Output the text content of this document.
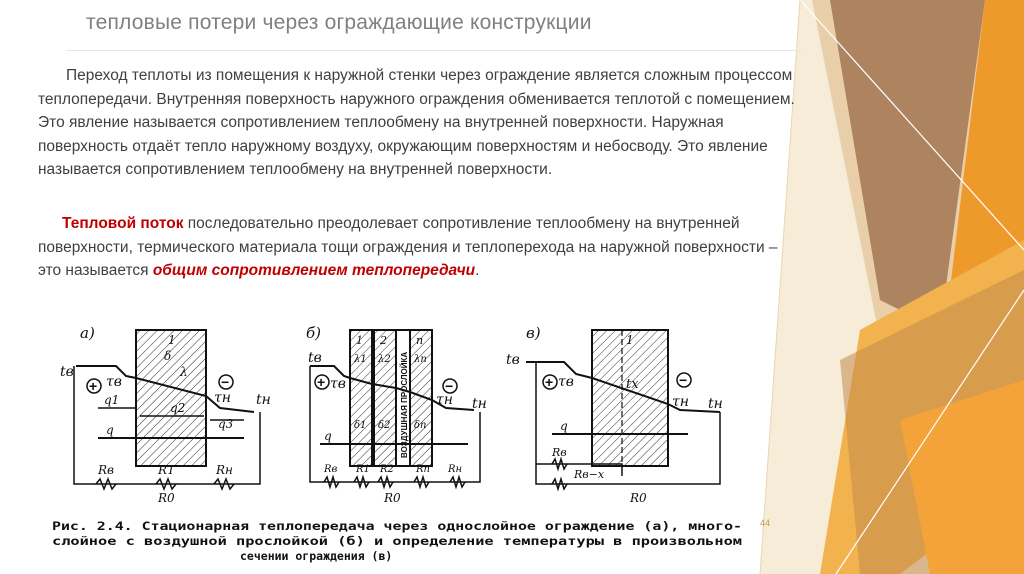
тепловые потери через ограждающие конструкции

Переход теплоты из помещения к наружной стенки через ограждение является сложным процессом теплопередачи. Внутренняя поверхность наружного ограждения обменивается теплотой с помещением. Это явление называется сопротивлением теплообмену на внутренней поверхности. Наружная поверхность отдаёт тепло наружному воздуху, окружающим поверхностям и небосводу. Это явление называется сопротивлением теплообмену на внутренней поверхности.

Тепловой поток последовательно преодолевает сопротивление теплообмену на внутренней поверхности, термического материала тощи ограждения и теплоперехода на наружной поверхности – это называется общим сопротивлением теплопередачи.

а)	1
δ
λ
tв
τв
τн tн
+	−
q1
q2
q3
q
Rв	RТ	Rн
R0
б)
ВОЗДУШНАЯ ПРОСЛОЙКА
1 2	n
λ1 λ2 λп
tв
τв
τн tн
+	−
q
δ1 δ2 δп
Rв R1 R2 Rп Rн
R0
в)	1
tв
τв	tx
τн tн
+	−
q
Rв
Rв−x
R0
Рис. 2.4. Стационарная теплопередача через однослойное ограждение (а), много-
слойное с воздушной прослойкой (б) и определение температуры в произвольном
сечении ограждения (в)
44
